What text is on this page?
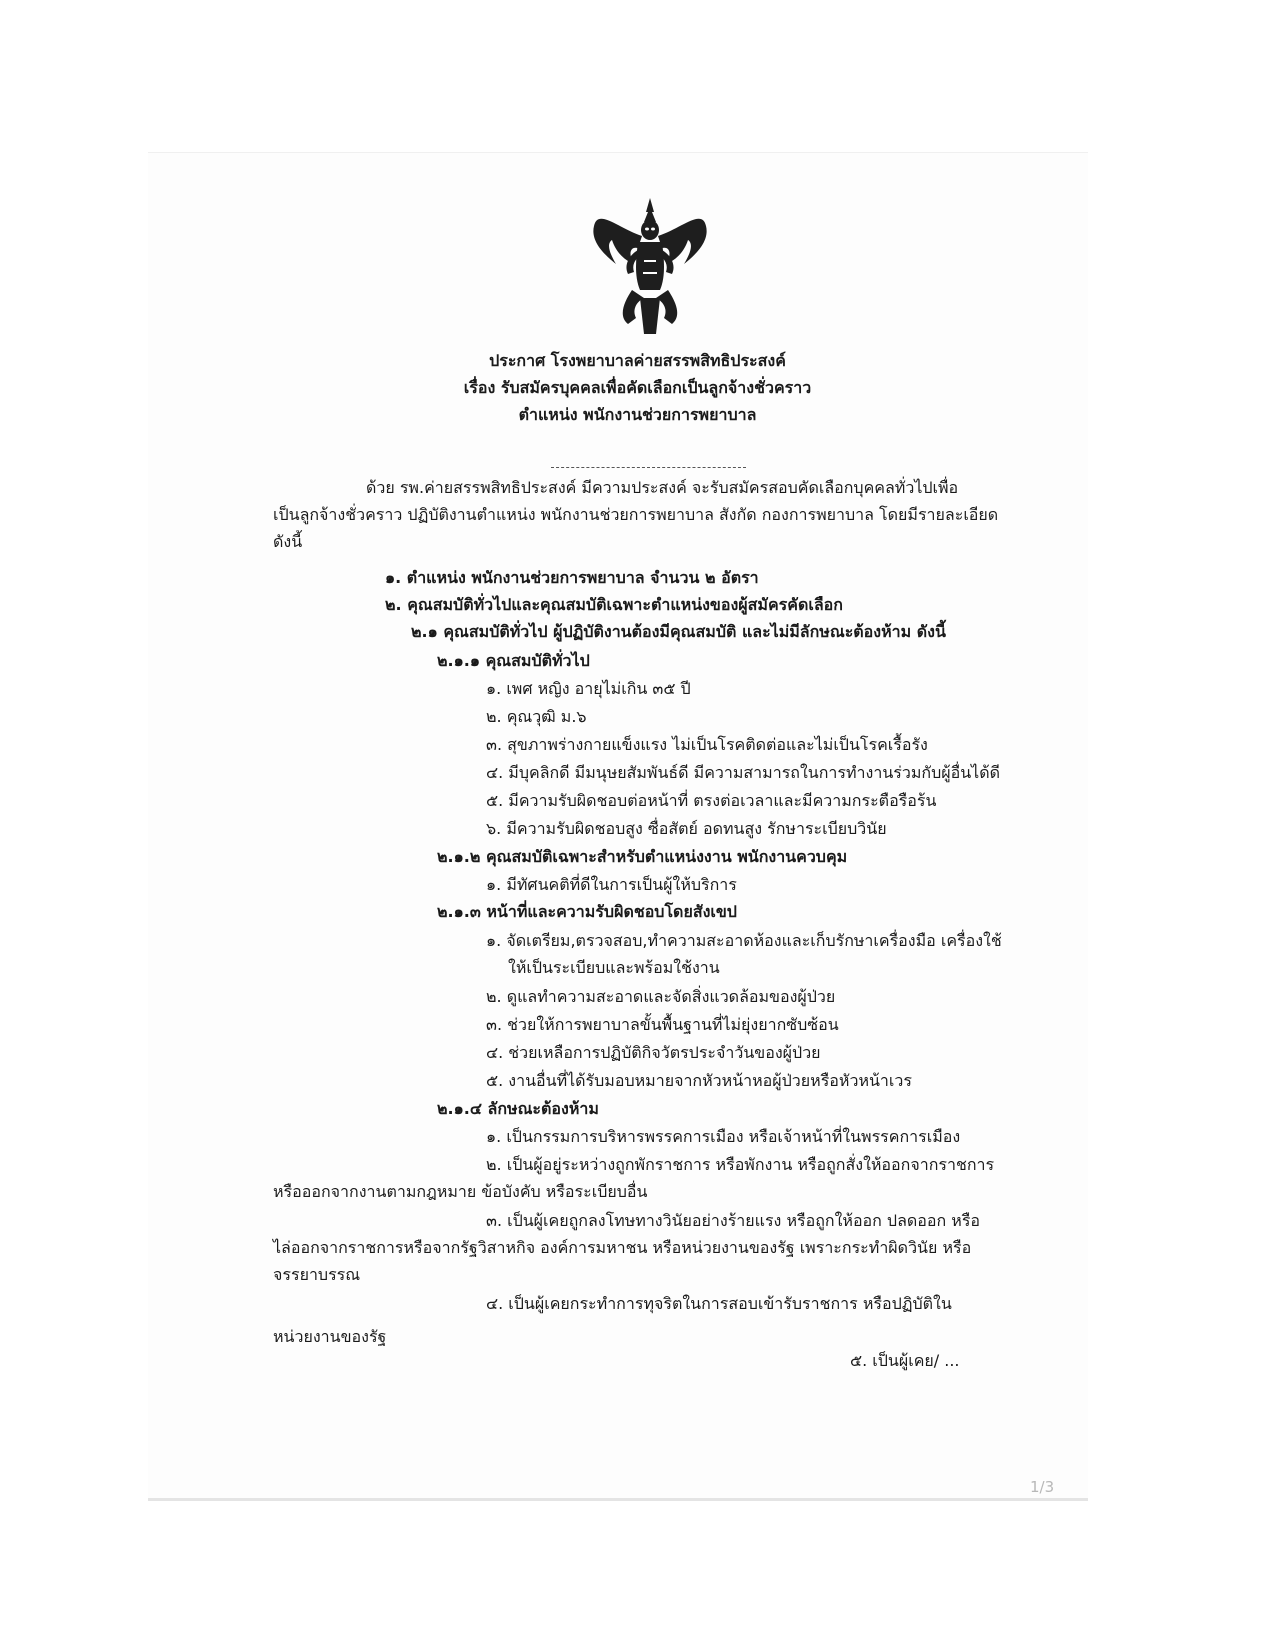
ประกาศ โรงพยาบาลค่ายสรรพสิทธิประสงค์
เรื่อง รับสมัครบุคคลเพื่อคัดเลือกเป็นลูกจ้างชั่วคราว
ตำแหน่ง พนักงานช่วยการพยาบาล
ด้วย รพ.ค่ายสรรพสิทธิประสงค์ มีความประสงค์ จะรับสมัครสอบคัดเลือกบุคคลทั่วไปเพื่อ
เป็นลูกจ้างชั่วคราว ปฏิบัติงานตำแหน่ง พนักงานช่วยการพยาบาล สังกัด กองการพยาบาล โดยมีรายละเอียด
ดังนี้
๑. ตำแหน่ง พนักงานช่วยการพยาบาล จำนวน ๒ อัตรา
๒. คุณสมบัติทั่วไปและคุณสมบัติเฉพาะตำแหน่งของผู้สมัครคัดเลือก
๒.๑ คุณสมบัติทั่วไป ผู้ปฏิบัติงานต้องมีคุณสมบัติ และไม่มีลักษณะต้องห้าม ดังนี้
๒.๑.๑ คุณสมบัติทั่วไป
๑. เพศ หญิง อายุไม่เกิน ๓๕ ปี
๒. คุณวุฒิ ม.๖
๓. สุขภาพร่างกายแข็งแรง ไม่เป็นโรคติดต่อและไม่เป็นโรคเรื้อรัง
๔. มีบุคลิกดี มีมนุษยสัมพันธ์ดี มีความสามารถในการทำงานร่วมกับผู้อื่นได้ดี
๕. มีความรับผิดชอบต่อหน้าที่ ตรงต่อเวลาและมีความกระตือรือร้น
๖. มีความรับผิดชอบสูง ซื่อสัตย์ อดทนสูง รักษาระเบียบวินัย
๒.๑.๒ คุณสมบัติเฉพาะสำหรับตำแหน่งงาน พนักงานควบคุม
๑. มีทัศนคติที่ดีในการเป็นผู้ให้บริการ
๒.๑.๓ หน้าที่และความรับผิดชอบโดยสังเขป
๑. จัดเตรียม,ตรวจสอบ,ทำความสะอาดห้องและเก็บรักษาเครื่องมือ เครื่องใช้
ให้เป็นระเบียบและพร้อมใช้งาน
๒. ดูแลทำความสะอาดและจัดสิ่งแวดล้อมของผู้ป่วย
๓. ช่วยให้การพยาบาลขั้นพื้นฐานที่ไม่ยุ่งยากซับซ้อน
๔. ช่วยเหลือการปฏิบัติกิจวัตรประจำวันของผู้ป่วย
๕. งานอื่นที่ได้รับมอบหมายจากหัวหน้าหอผู้ป่วยหรือหัวหน้าเวร
๒.๑.๔ ลักษณะต้องห้าม
๑. เป็นกรรมการบริหารพรรคการเมือง หรือเจ้าหน้าที่ในพรรคการเมือง
๒. เป็นผู้อยู่ระหว่างถูกพักราชการ หรือพักงาน หรือถูกสั่งให้ออกจากราชการ
หรือออกจากงานตามกฎหมาย ข้อบังคับ หรือระเบียบอื่น
๓. เป็นผู้เคยถูกลงโทษทางวินัยอย่างร้ายแรง หรือถูกให้ออก ปลดออก หรือ
ไล่ออกจากราชการหรือจากรัฐวิสาหกิจ องค์การมหาชน หรือหน่วยงานของรัฐ เพราะกระทำผิดวินัย หรือ
จรรยาบรรณ
๔. เป็นผู้เคยกระทำการทุจริตในการสอบเข้ารับราชการ หรือปฏิบัติใน
หน่วยงานของรัฐ
๕. เป็นผู้เคย/ ...
1/3
